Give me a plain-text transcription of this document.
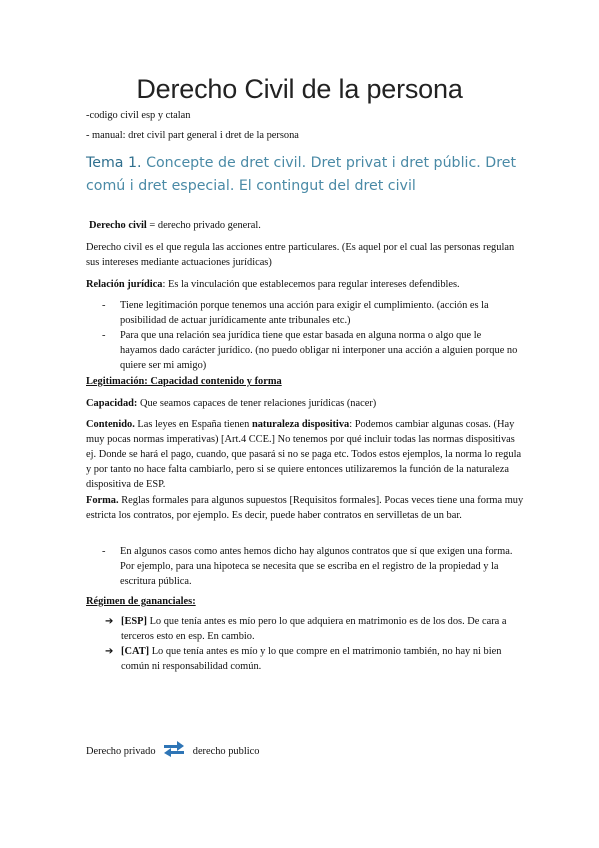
Derecho Civil de la persona
-codigo civil esp y ctalan
- manual: dret civil part general i dret de la persona
Tema 1. Concepte de dret civil. Dret privat i dret públic. Dret comú i dret especial. El contingut del dret civil
Derecho civil = derecho privado general.
Derecho civil es el que regula las acciones entre particulares. (Es aquel por el cual las personas regulan sus intereses mediante actuaciones jurídicas)
Relación jurídica: Es la vinculación que establecemos para regular intereses defendibles.
- Tiene legitimación porque tenemos una acción para exigir el cumplimiento. (acción es la posibilidad de actuar jurídicamente ante tribunales etc.)
- Para que una relación sea jurídica tiene que estar basada en alguna norma o algo que le hayamos dado carácter jurídico. (no puedo obligar ni interponer una acción a alguien porque no quiere ser mi amigo)
Legitimación: Capacidad contenido y forma
Capacidad: Que seamos capaces de tener relaciones jurídicas (nacer)
Contenido. Las leyes en España tienen naturaleza dispositiva: Podemos cambiar algunas cosas. (Hay muy pocas normas imperativas) [Art.4 CCE.] No tenemos por qué incluir todas las normas dispositivas ej. Donde se hará el pago, cuando, que pasará si no se paga etc. Todos estos ejemplos, la norma lo regula y por tanto no hace falta cambiarlo, pero si se quiere entonces utilizaremos la función de la naturaleza dispositiva de ESP.
Forma. Reglas formales para algunos supuestos [Requisitos formales]. Pocas veces tiene una forma muy estricta los contratos, por ejemplo. Es decir, puede haber contratos en servilletas de un bar.
- En algunos casos como antes hemos dicho hay algunos contratos que sí que exigen una forma. Por ejemplo, para una hipoteca se necesita que se escriba en el registro de la propiedad y la escritura pública.
Régimen de gananciales:
➔ [ESP] Lo que tenía antes es mío pero lo que adquiera en matrimonio es de los dos. De cara a terceros esto en esp. En cambio.
➔ [CAT] Lo que tenía antes es mío y lo que compre en el matrimonio también, no hay ni bien común ni responsabilidad común.
Derecho privado	derecho publico
